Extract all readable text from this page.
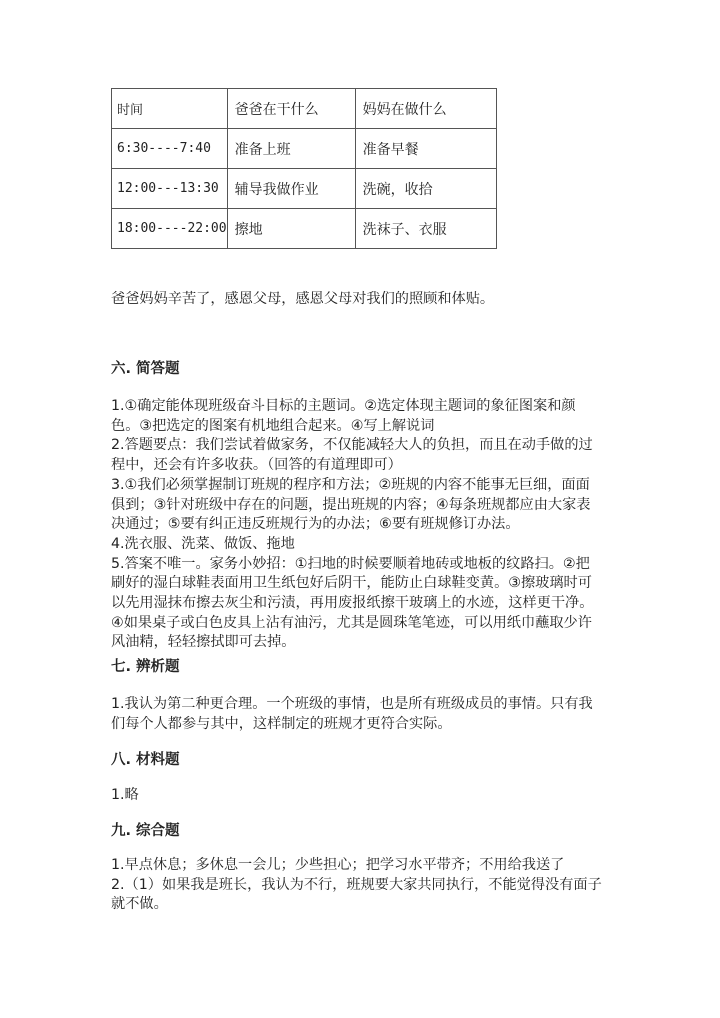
时间	爸爸在干什么	妈妈在做什么
6:30----7:40	准备上班	准备早餐
12:00---13:30	辅导我做作业	洗碗，收拾
18:00----22:00	擦地	洗袜子、衣服
爸爸妈妈辛苦了，感恩父母，感恩父母对我们的照顾和体贴。
六. 简答题
1.①确定能体现班级奋斗目标的主题词。②选定体现主题词的象征图案和颜
色。③把选定的图案有机地组合起来。④写上解说词
2.答题要点：我们尝试着做家务，不仅能减轻大人的负担，而且在动手做的过
程中，还会有许多收获。（回答的有道理即可）
3.①我们必须掌握制订班规的程序和方法；②班规的内容不能事无巨细，面面
俱到；③针对班级中存在的问题，提出班规的内容；④每条班规都应由大家表
决通过；⑤要有纠正违反班规行为的办法；⑥要有班规修订办法。
4.洗衣服、洗菜、做饭、拖地
5.答案不唯一。家务小妙招：①扫地的时候要顺着地砖或地板的纹路扫。②把
刷好的湿白球鞋表面用卫生纸包好后阴干，能防止白球鞋变黄。③擦玻璃时可
以先用湿抹布擦去灰尘和污渍，再用废报纸擦干玻璃上的水迹，这样更干净。
④如果桌子或白色皮具上沾有油污，尤其是圆珠笔笔迹，可以用纸巾蘸取少许
风油精，轻轻擦拭即可去掉。
七. 辨析题
1.我认为第二种更合理。一个班级的事情，也是所有班级成员的事情。只有我
们每个人都参与其中，这样制定的班规才更符合实际。
八. 材料题
1.略
九. 综合题
1.早点休息；多休息一会儿；少些担心；把学习水平带齐；不用给我送了
2.（1）如果我是班长，我认为不行，班规要大家共同执行，不能觉得没有面子
就不做。
